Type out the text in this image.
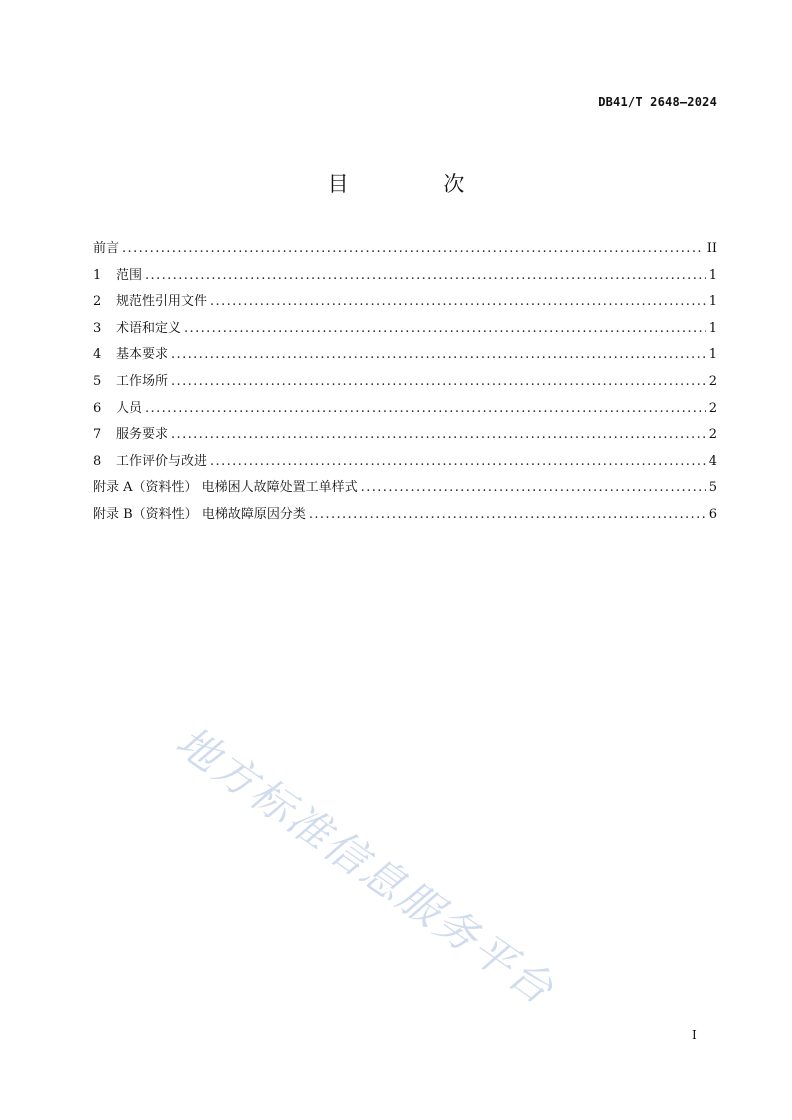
DB41/T 2648—2024
目 次
前言 .....	II
1 范围 .....	1
2 规范性引用文件 .....	1
3 术语和定义 .....	1
4 基本要求 .....	1
5 工作场所 .....	2
6 人员 .....	2
7 服务要求 .....	2
8 工作评价与改进 .....	4
附录 A（资料性） 电梯困人故障处置工单样式 .....	5
附录 B（资料性） 电梯故障原因分类 .....	6
地方标准信息服务平台
I
